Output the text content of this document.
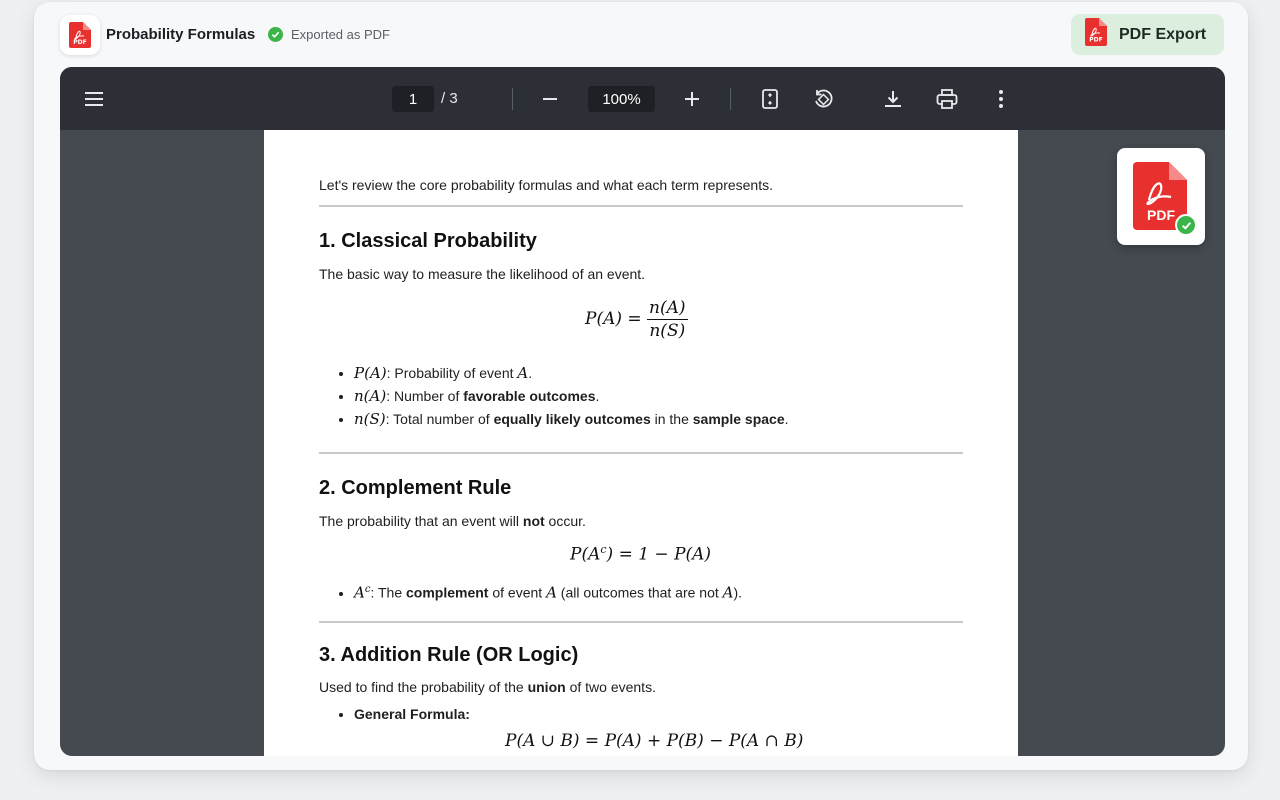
PDF Probability Formulas	Exported as PDF	PDF PDF Export
1	/ 3	100%
Let's review the core probability formulas and what each term represents.
1. Classical Probability
The basic way to measure the likelihood of an event.
$P(A) = \frac{n(A)}{n(S)}$
• P(A): Probability of event A.
• n(A): Number of favorable outcomes.
• n(S): Total number of equally likely outcomes in the sample space.
2. Complement Rule
The probability that an event will not occur.
$P(A^c) = 1 - P(A)$
• $A^c$: The complement of event A (all outcomes that are not A).
3. Addition Rule (OR Logic)
Used to find the probability of the union of two events.
• General Formula:
P(A ∪ B) = P(A) + P(B) − P(A ∩ B)
PDF
